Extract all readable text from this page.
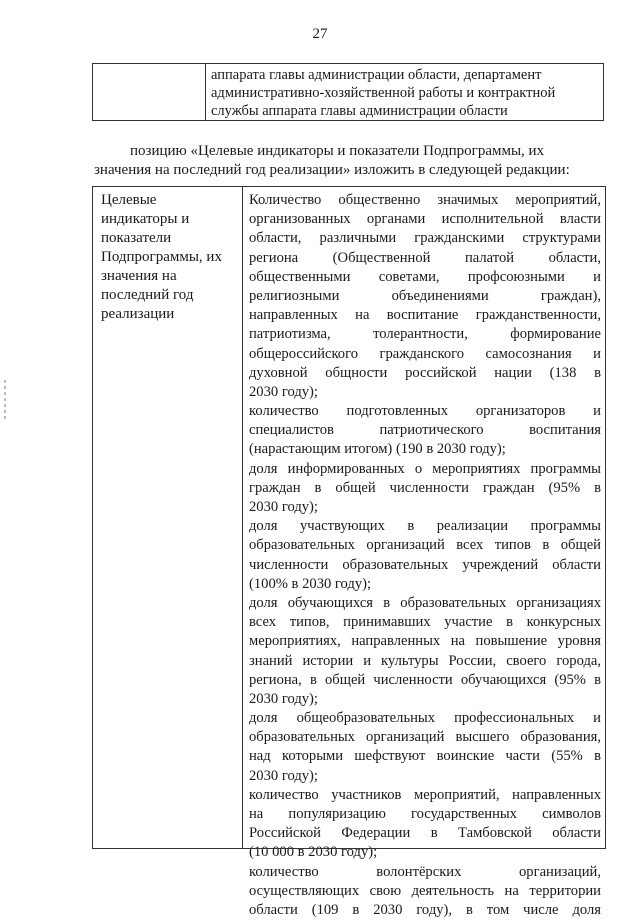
27
аппарата главы администрации области, департамент
административно-хозяйственной работы и контрактной
службы аппарата главы администрации области
позицию «Целевые индикаторы и показатели Подпрограммы, их
значения на последний год реализации» изложить в следующей редакции:
Целевые
индикаторы и
показатели
Подпрограммы, их
значения на
последний год
реализации
Количество общественно значимых мероприятий,
организованных органами исполнительной власти
области, различными гражданскими структурами
региона (Общественной палатой области,
общественными советами, профсоюзными и
религиозными объединениями граждан),
направленных на воспитание гражданственности,
патриотизма, толерантности, формирование
общероссийского гражданского самосознания и
духовной общности российской нации (138 в
2030 году);
количество подготовленных организаторов и
специалистов патриотического воспитания
(нарастающим итогом) (190 в 2030 году);
доля информированных о мероприятиях программы
граждан в общей численности граждан (95% в
2030 году);
доля участвующих в реализации программы
образовательных организаций всех типов в общей
численности образовательных учреждений области
(100% в 2030 году);
доля обучающихся в образовательных организациях
всех типов, принимавших участие в конкурсных
мероприятиях, направленных на повышение уровня
знаний истории и культуры России, своего города,
региона, в общей численности обучающихся (95% в
2030 году);
доля общеобразовательных профессиональных и
образовательных организаций высшего образования,
над которыми шефствуют воинские части (55% в
2030 году);
количество участников мероприятий, направленных
на популяризацию государственных символов
Российской Федерации в Тамбовской области
(10 000 в 2030 году);
количество волонтёрских организаций,
осуществляющих свою деятельность на территории
области (109 в 2030 году), в том числе доля
